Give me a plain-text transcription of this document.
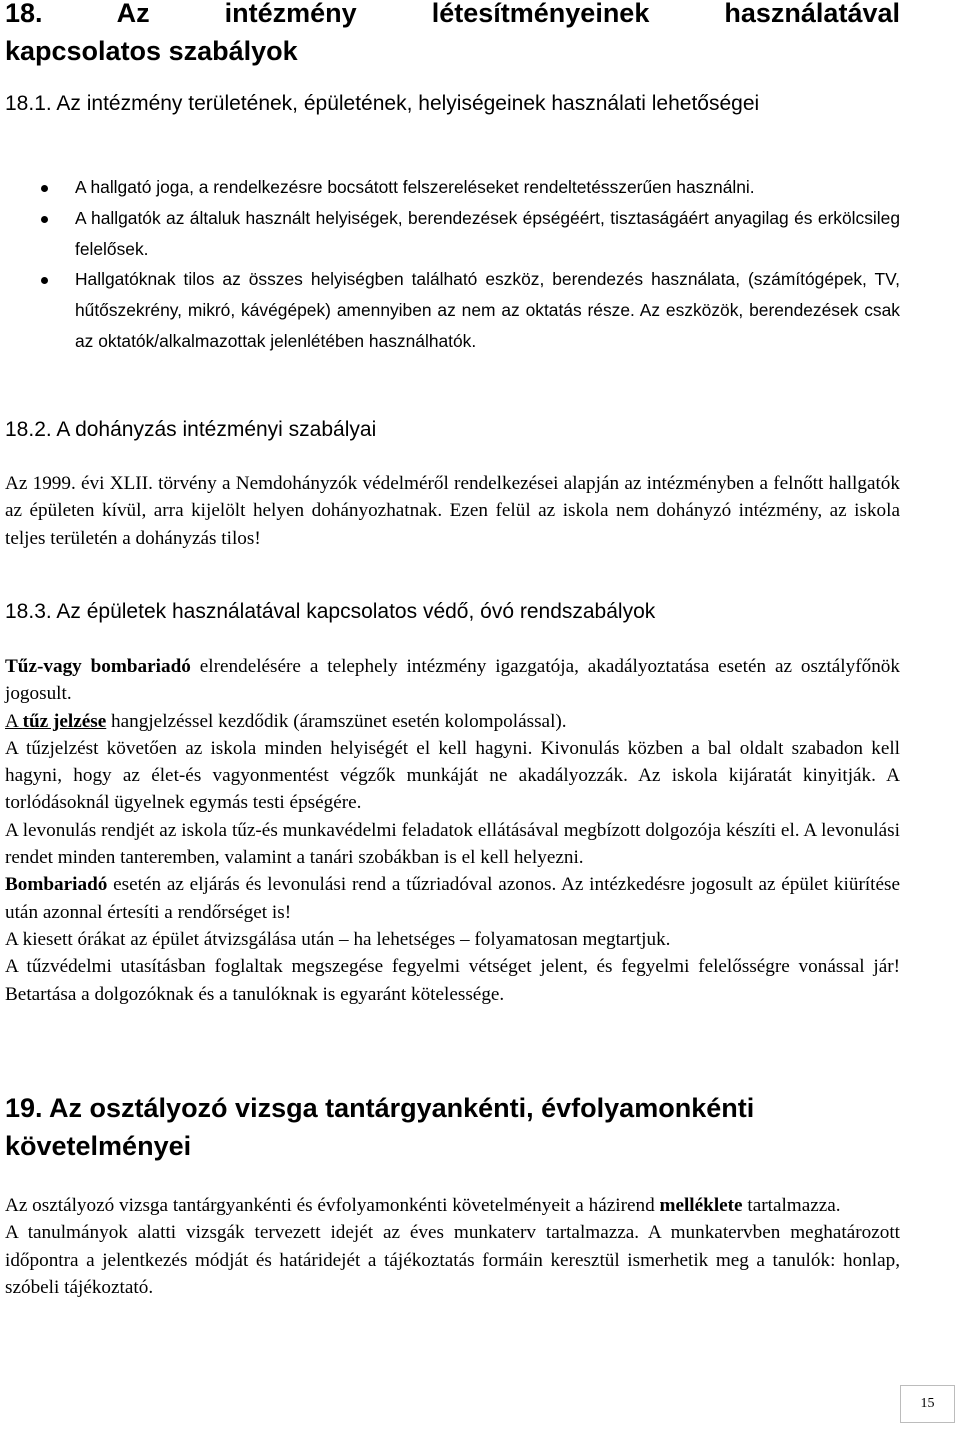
18. Az intézmény létesítményeinek használatával
kapcsolatos szabályok
18.1. Az intézmény területének, épületének, helyiségeinek használati lehetőségei
A hallgató joga, a rendelkezésre bocsátott felszereléseket rendeltetésszerűen használni.
A hallgatók az általuk használt helyiségek, berendezések épségéért, tisztaságáért anyagilag és erkölcsileg felelősek.
Hallgatóknak tilos az összes helyiségben található eszköz, berendezés használata, (számítógépek, TV, hűtőszekrény, mikró, kávégépek) amennyiben az nem az oktatás része. Az eszközök, berendezések csak az oktatók/alkalmazottak jelenlétében használhatók.
18.2. A dohányzás intézményi szabályai

Az 1999. évi XLII. törvény a Nemdohányzók védelméről rendelkezései alapján az intézményben a felnőtt hallgatók az épületen kívül, arra kijelölt helyen dohányozhatnak. Ezen felül az iskola nem dohányzó intézmény, az iskola teljes területén a dohányzás tilos!

18.3. Az épületek használatával kapcsolatos védő, óvó rendszabályok

Tűz-vagy bombariadó elrendelésére a telephely intézmény igazgatója, akadályoztatása esetén az osztályfőnök jogosult.

A tűz jelzése hangjelzéssel kezdődik (áramszünet esetén kolompolással).

A tűzjelzést követően az iskola minden helyiségét el kell hagyni. Kivonulás közben a bal oldalt szabadon kell hagyni, hogy az élet-és vagyonmentést végzők munkáját ne akadályozzák. Az iskola kijáratát kinyitják. A torlódásoknál ügyelnek egymás testi épségére.

A levonulás rendjét az iskola tűz-és munkavédelmi feladatok ellátásával megbízott dolgozója készíti el. A levonulási rendet minden tanteremben, valamint a tanári szobákban is el kell helyezni.

Bombariadó esetén az eljárás és levonulási rend a tűzriadóval azonos. Az intézkedésre jogosult az épület kiürítése után azonnal értesíti a rendőrséget is!

A kiesett órákat az épület átvizsgálása után – ha lehetséges – folyamatosan megtartjuk.

A tűzvédelmi utasításban foglaltak megszegése fegyelmi vétséget jelent, és fegyelmi felelősségre vonással jár! Betartása a dolgozóknak és a tanulóknak is egyaránt kötelessége.

19. Az osztályozó vizsga tantárgyankénti, évfolyamonkénti követelményei

Az osztályozó vizsga tantárgyankénti és évfolyamonkénti követelményeit a házirend melléklete tartalmazza.

A tanulmányok alatti vizsgák tervezett idejét az éves munkaterv tartalmazza. A munkatervben meghatározott időpontra a jelentkezés módját és határidejét a tájékoztatás formáin keresztül ismerhetik meg a tanulók: honlap, szóbeli tájékoztató.

15
